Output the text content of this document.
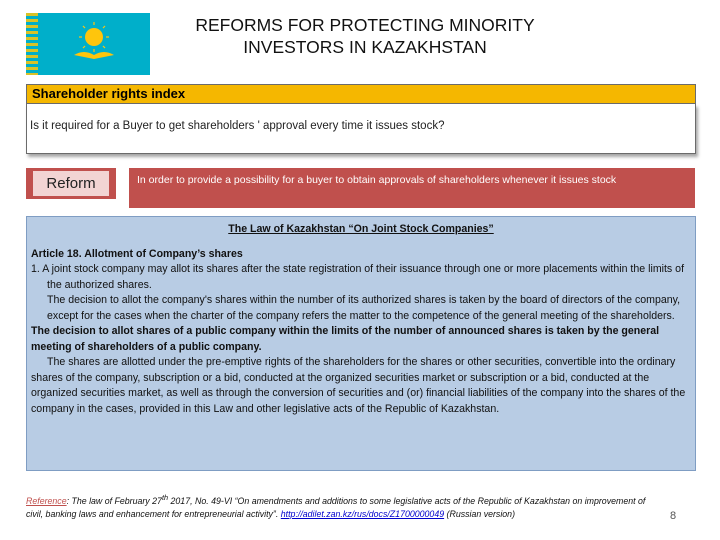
REFORMS FOR PROTECTING MINORITY
INVESTORS IN KAZAKHSTAN
Shareholder rights index
Is it required for a Buyer to get shareholders ' approval every time it issues stock?
Reform	In order to provide a possibility for a buyer to obtain approvals of shareholders whenever it issues stock
The Law of Kazakhstan “On Joint Stock Companies”

Article 18. Allotment of Company’s shares

1. A joint stock company may allot its shares after the state registration of their issuance through one or more placements within the limits of the authorized shares.

The decision to allot the company's shares within the number of its authorized shares is taken by the board of directors of the company, except for the cases when the charter of the company refers the matter to the competence of the general meeting of the shareholders.

The decision to allot shares of a public company within the limits of the number of announced shares is taken by the general meeting of shareholders of a public company.

The shares are allotted under the pre-emptive rights of the shareholders for the shares or other securities, convertible into the ordinary shares of the company, subscription or a bid, conducted at the organized securities market or subscription or a bid, conducted at the organized securities market, as well as through the conversion of securities and (or) financial liabilities of the company into the shares of the company in the cases, provided in this Law and other legislative acts of the Republic of Kazakhstan.

Reference: The law of February 27th 2017, No. 49-VI “On amendments and additions to some legislative acts of the Republic of Kazakhstan on improvement of civil, banking laws and enhancement for entrepreneurial activity”. http://adilet.zan.kz/rus/docs/Z1700000049 (Russian version)	8
